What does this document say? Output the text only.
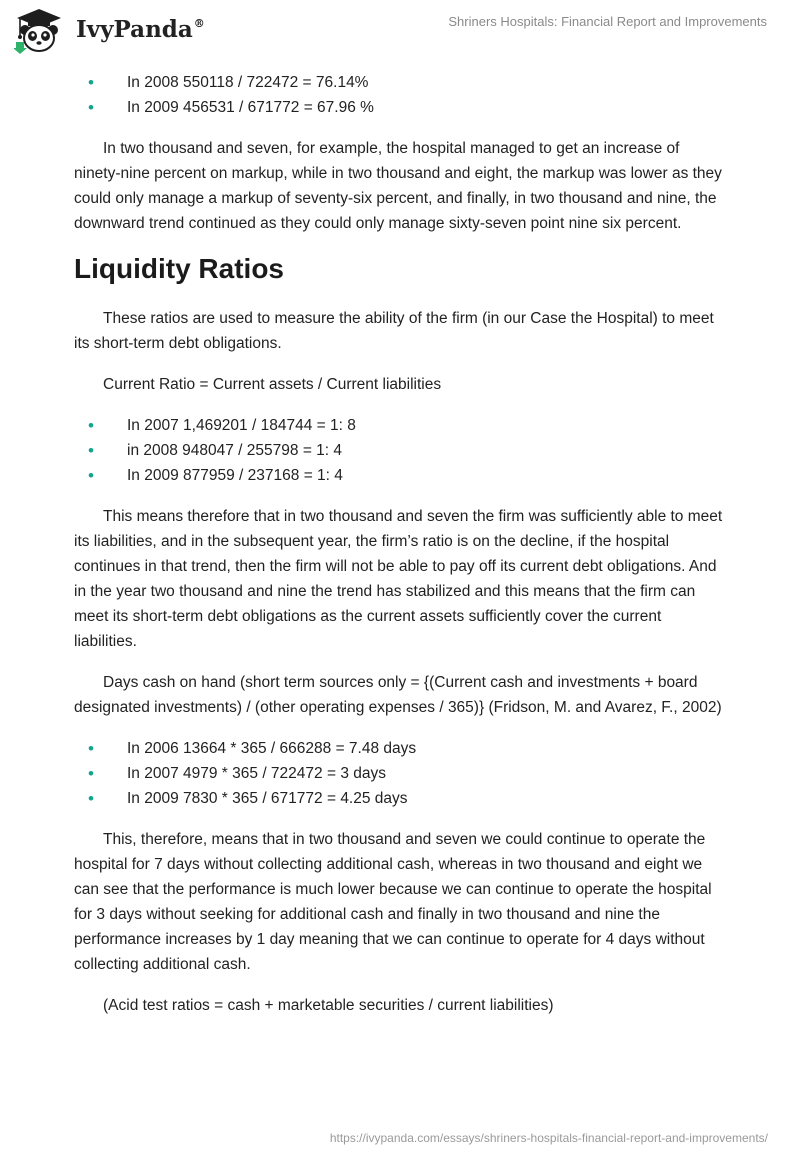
IvyPanda®	Shriners Hospitals: Financial Report and Improvements
• In 2008 550118 / 722472 = 76.14%
• In 2009 456531 / 671772 = 67.96 %

In two thousand and seven, for example, the hospital managed to get an increase of ninety-nine percent on markup, while in two thousand and eight, the markup was lower as they could only manage a markup of seventy-six percent, and finally, in two thousand and nine, the downward trend continued as they could only manage sixty-seven point nine six percent.

Liquidity Ratios

These ratios are used to measure the ability of the firm (in our Case the Hospital) to meet its short-term debt obligations.

Current Ratio = Current assets / Current liabilities

• In 2007 1,469201 / 184744 = 1: 8
• in 2008 948047 / 255798 = 1: 4
• In 2009 877959 / 237168 = 1: 4

This means therefore that in two thousand and seven the firm was sufficiently able to meet its liabilities, and in the subsequent year, the firm’s ratio is on the decline, if the hospital continues in that trend, then the firm will not be able to pay off its current debt obligations. And in the year two thousand and nine the trend has stabilized and this means that the firm can meet its short-term debt obligations as the current assets sufficiently cover the current liabilities.

Days cash on hand (short term sources only = {(Current cash and investments + board designated investments) / (other operating expenses / 365)} (Fridson, M. and Avarez, F., 2002)

• In 2006 13664 * 365 / 666288 = 7.48 days
• In 2007 4979 * 365 / 722472 = 3 days
• In 2009 7830 * 365 / 671772 = 4.25 days

This, therefore, means that in two thousand and seven we could continue to operate the hospital for 7 days without collecting additional cash, whereas in two thousand and eight we can see that the performance is much lower because we can continue to operate the hospital for 3 days without seeking for additional cash and finally in two thousand and nine the performance increases by 1 day meaning that we can continue to operate for 4 days without collecting additional cash.

(Acid test ratios = cash + marketable securities / current liabilities)

https://ivypanda.com/essays/shriners-hospitals-financial-report-and-improvements/
